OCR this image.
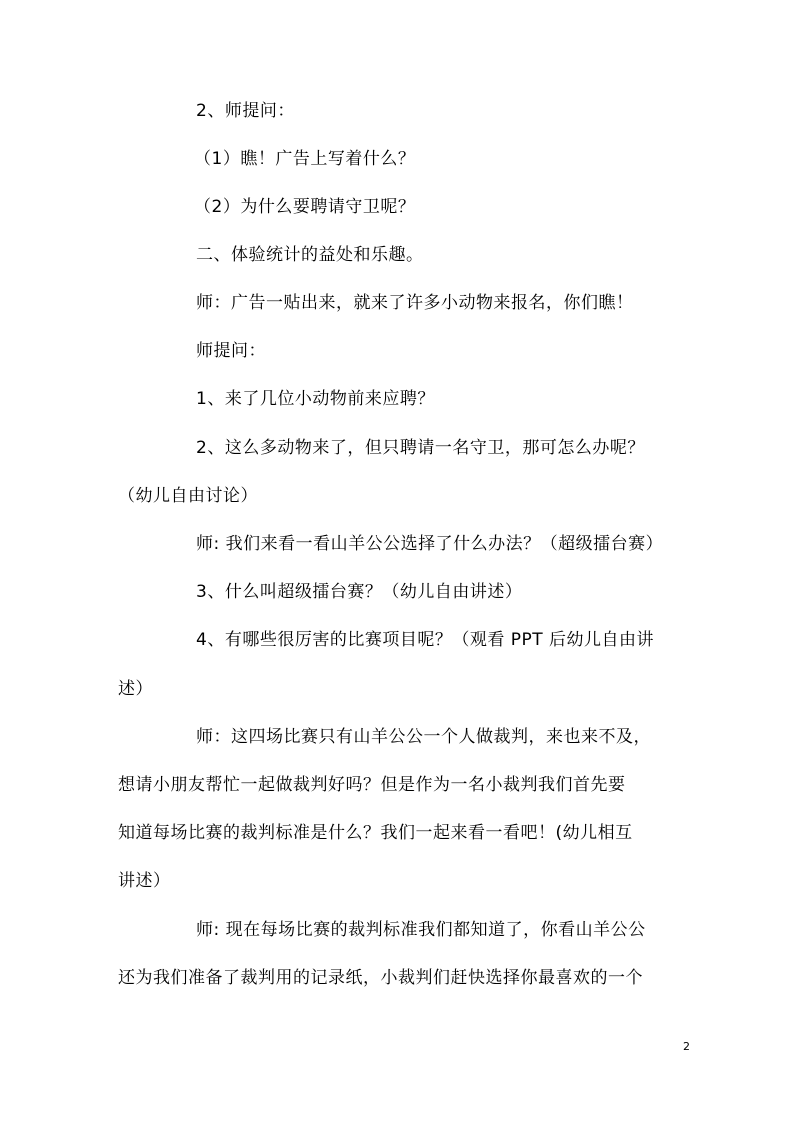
2、师提问：
（1）瞧！广告上写着什么？
（2）为什么要聘请守卫呢？
二、体验统计的益处和乐趣。
师：广告一贴出来，就来了许多小动物来报名，你们瞧！
师提问：
1、来了几位小动物前来应聘？
2、这么多动物来了，但只聘请一名守卫，那可怎么办呢？
（幼儿自由讨论）
师: 我们来看一看山羊公公选择了什么办法？（超级擂台赛）
3、什么叫超级擂台赛？（幼儿自由讲述）
4、有哪些很厉害的比赛项目呢？（观看 PPT 后幼儿自由讲
述）
师：这四场比赛只有山羊公公一个人做裁判，来也来不及，
想请小朋友帮忙一起做裁判好吗？但是作为一名小裁判我们首先要
知道每场比赛的裁判标准是什么？我们一起来看一看吧！(幼儿相互
讲述）
师: 现在每场比赛的裁判标准我们都知道了，你看山羊公公
还为我们准备了裁判用的记录纸，小裁判们赶快选择你最喜欢的一个
2
